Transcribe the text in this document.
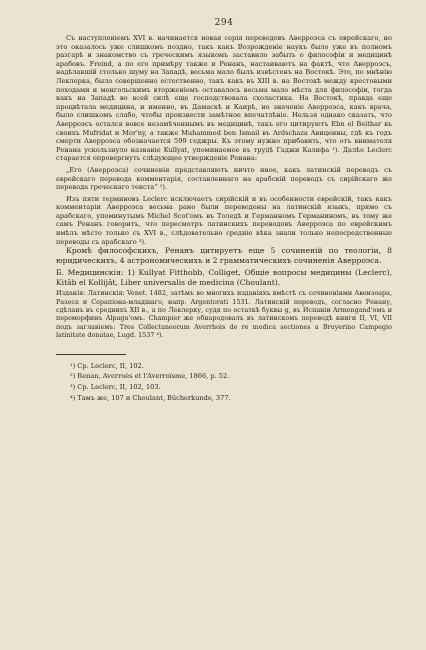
294

Съ наступленіемъ XVI в. начинается новая серія переводовъ Аверроэса съ еврейскаго, но это оказалось уже слишкомъ поздно, такъ какъ Возрожденіе наукъ было уже въ полномъ разгарѣ и знакомство съ греческимъ языкомъ заставило забыть о философіи и медицинѣ арабовъ. Freind, а по его примѣру также и Ренанъ, настаиваютъ на фактѣ, что Аверроэсъ, надѣлавшій столько шуму на Западѣ, весьма мало былъ извѣстенъ на Востокѣ. Это, по мнѣнію Леклерка, было совершенно естественно, такъ какъ въ XIII в. на Востокѣ между крестовыми походами и монгольскимъ вторженіемъ оставалось весьма мало мѣста для философіи, тогда какъ на Западѣ во всей силѣ еще господствовала схоластика. На Востокѣ, правда еще процвѣтала медицина, и именно, въ Дамаскѣ и Каирѣ, но значеніе Аверроэса, какъ врача, было слишкомъ слабо, чтобы произвести замѣтное впечатлѣніе. Нельзя однако сказать, что Аверроэсъ остался вовсе незамѣченнымъ въ медицинѣ, такъ его цитируютъ Ebn el Beithar въ своихъ Mufridat и Mor'ny, а также Muhammed ben Ismail въ Ardschaza Авиценны, гдѣ къ годъ смерти Аверроэса обозначается 599 геджры. Къ этому нужно прибавить, что отъ внимателя Ренана ускользнуло названіе Kullyat, упоминаемое въ трудѣ Гаджи Калифа ¹). Далѣе Leclerc старается опровергнуть слѣдующее утвержденіе Ренана:

„Его (Аверроэса) сочиненія представляютъ ничто иное, какъ латинскій переводъ съ еврейскаго перевода комментарія, составленнаго на арабскій переводъ съ сирійскаго же перевода греческаго текста“ ²).

Изъ пяти терминовъ Leclerc исключаетъ сирійскій и въ особенности еврейскій, такъ какъ комментаріи Аверроэса весьма рано были переведены на латинскій языкъ, прямо съ арабскаго, упоминутымъ Michel Scot'омъ въ Толедѣ и Германномъ Германиномъ, въ тому же самъ Ренанъ говоритъ, что пересмотръ латинскихъ переводовъ Аверроэса по еврейскимъ имѣлъ мѣсто только съ XVI в., слѣдовательно средніе вѣка знали только непосредственные переводы съ арабскаго ³).

Кромѣ философскихъ, Ренанъ цитируетъ еще 5 сочиненій по теологіи, 8 юридическихъ, 4 астрономическихъ и 2 грамматическихъ сочиненія Аверроэса.

Б. Медицинскія: 1) Kullyat Fitthobb, Colliget, Общіе вопросы медицины (Leclerc), Kitâb el Kollijât, Liber universalis de medicina (Choulant).

Изданія: Латинскія: Venet. 1482, затѣмъ во многихъ изданіяхъ вмѣстѣ съ сочиненіями Авензоара, Разеса и Серапіона-младшаго, напр. Argentorati 1531. Латинскій переводъ, согласно Ренану, сдѣланъ въ среднихъ XII в., а по Леклерку, судя по остаткѣ буквы g, въ Испаніи Armengand'омъ и переморфинъ Alpagu'омъ. Champier же обнародовалъ въ латинскомъ переводѣ книги II, VI, VII подъ заглавіемъ: Tres Collectaneorum Averrhois de re medica sectiones a Bruyerino Campegio latinitate donatae, Lugd. 1537 ⁴).

¹) Cp. Leclerc, II, 102.
²) Renan, Averroès et l'Averroïsme, 1866, р. 52.
³) Cp. Leclerc, II, 102, 103.
⁴) Тамъ же, 107 и Choulant, Büchеrkunde, 377.
